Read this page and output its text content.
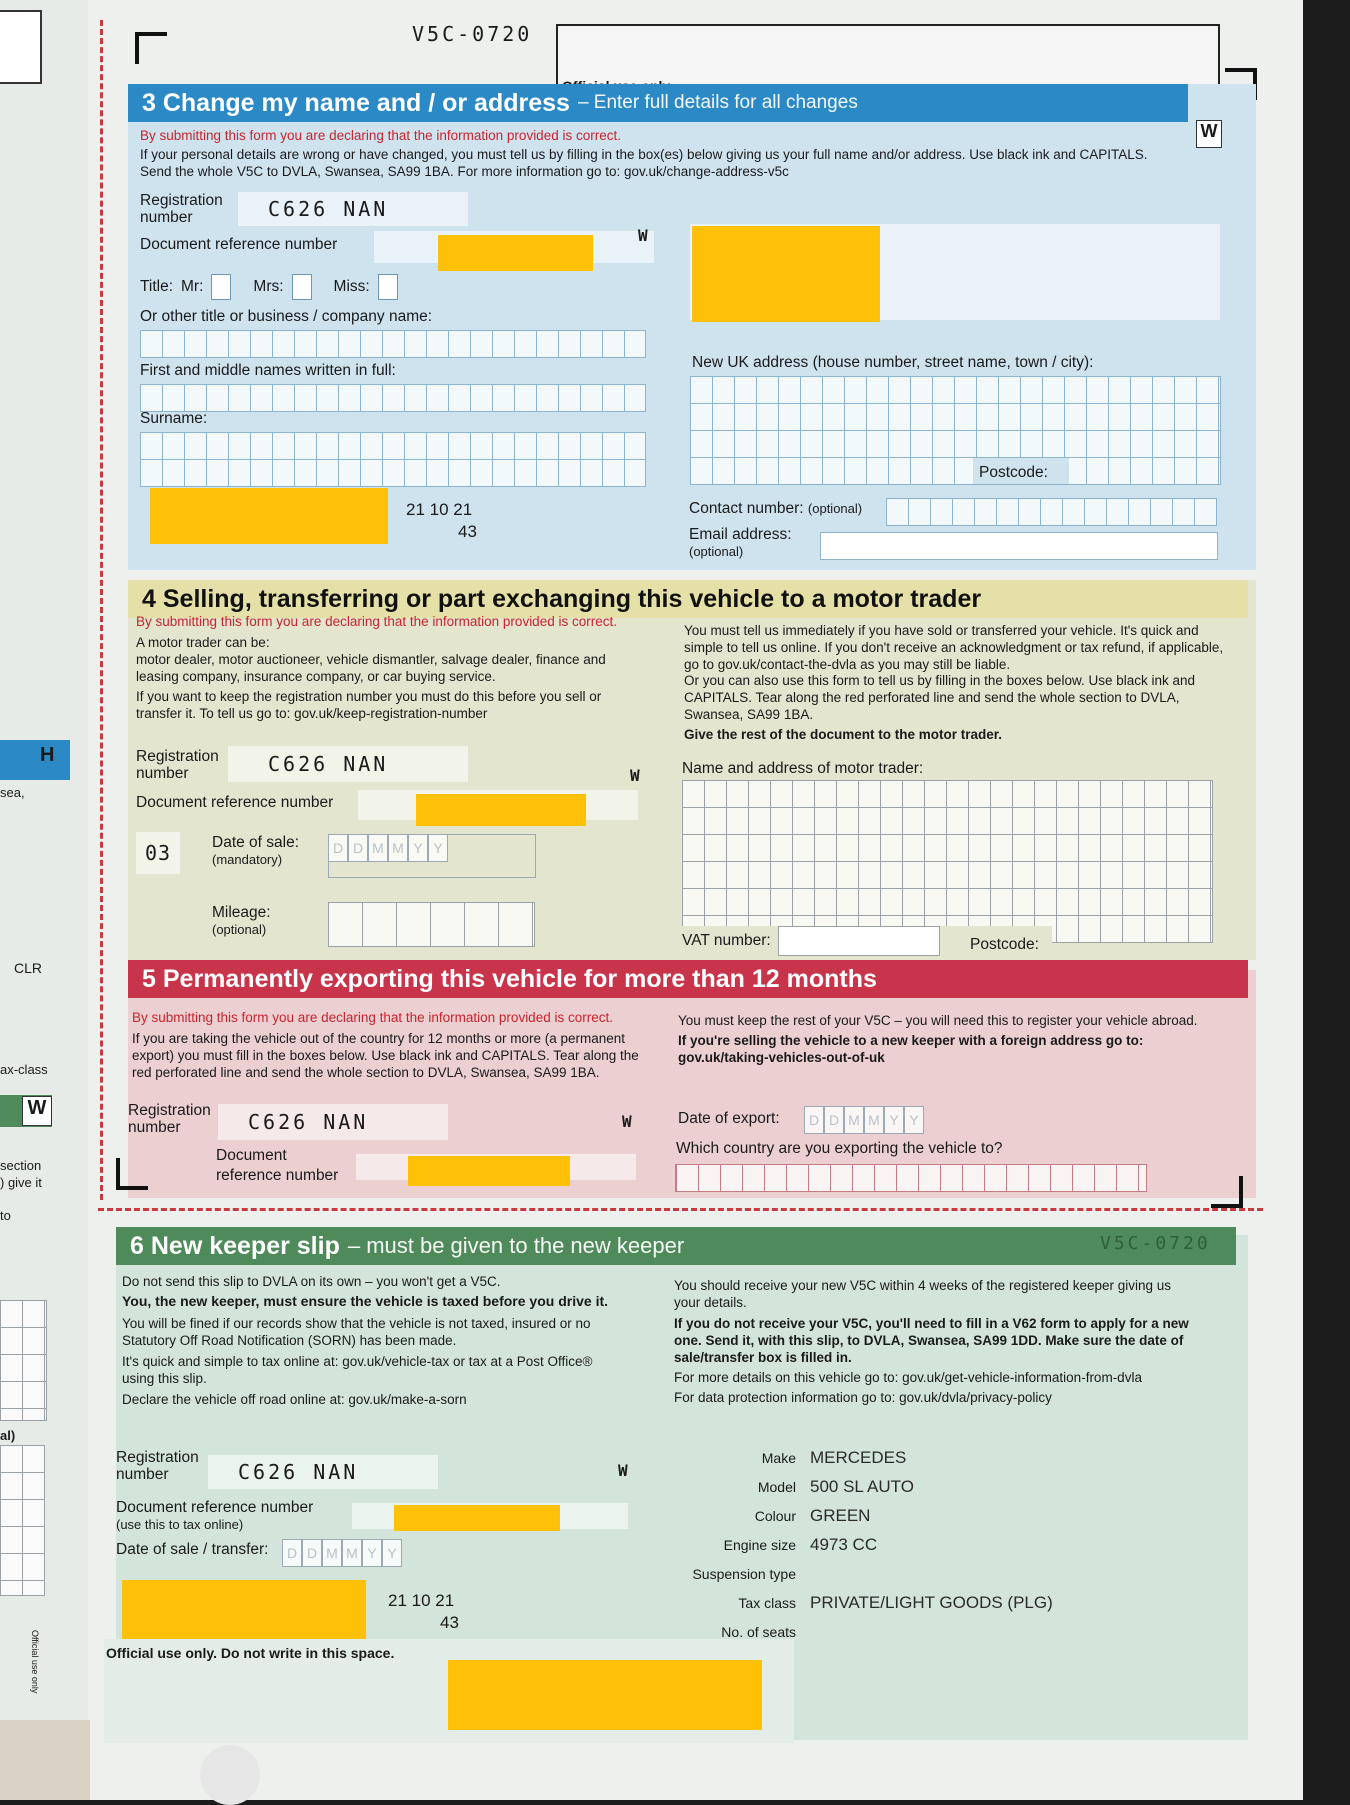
H
sea,
CLR
ax-class
W
section
) give it
to
al)
Official use only
V5C-0720
3
Change my name and / or address – Enter full details for all changes
W
By submitting this form you are declaring that the information provided is correct.
If your personal details are wrong or have changed, you must tell us by filling in the box(es) below giving us your full name and/or address. Use black ink and CAPITALS.
Send the whole V5C to DVLA, Swansea, SA99 1BA. For more information go to: gov.uk/change-address-v5c
Registration number	C626 NAN
Document reference number	W
Title: Mr:	Mrs:	Miss:
Or other title or business / company name:
First and middle names written in full:
Surname:
21 10 21
43
New UK address (house number, street name, town / city):
Postcode:
Contact number: (optional)
Email address:
(optional)
4
Selling, transferring or part exchanging this vehicle to a motor trader
By submitting this form you are declaring that the information provided is correct.
A motor trader can be:
motor dealer, motor auctioneer, vehicle dismantler, salvage dealer, finance and leasing company, insurance company, or car buying service.
If you want to keep the registration number you must do this before you sell or transfer it. To tell us go to: gov.uk/keep-registration-number
You must tell us immediately if you have sold or transferred your vehicle. It's quick and simple to tell us online. If you don't receive an acknowledgment or tax refund, if applicable, go to gov.uk/contact-the-dvla as you may still be liable.
Or you can also use this form to tell us by filling in the boxes below. Use black ink and CAPITALS. Tear along the red perforated line and send the whole section to DVLA, Swansea, SA99 1BA.
Give the rest of the document to the motor trader.
Registration number	C626 NAN	W
Document reference number
03	Date of sale:
(mandatory)
D D M M Y Y
Mileage:
(optional)
Name and address of motor trader:
VAT number:	Postcode:
5
Permanently exporting this vehicle for more than 12 months
By submitting this form you are declaring that the information provided is correct.
If you are taking the vehicle out of the country for 12 months or more (a permanent export) you must fill in the boxes below. Use black ink and CAPITALS. Tear along the red perforated line and send the whole section to DVLA, Swansea, SA99 1BA.
You must keep the rest of your V5C – you will need this to register your vehicle abroad.
If you're selling the vehicle to a new keeper with a foreign address go to: gov.uk/taking-vehicles-out-of-uk
Registration number	C626 NAN	W
Document reference number
Date of export:	D D M M Y Y
Which country are you exporting the vehicle to?
6
New keeper slip – must be given to the new keeper	V5C-0720
Do not send this slip to DVLA on its own – you won't get a V5C.
You, the new keeper, must ensure the vehicle is taxed before you drive it.
You will be fined if our records show that the vehicle is not taxed, insured or no Statutory Off Road Notification (SORN) has been made.
It's quick and simple to tax online at: gov.uk/vehicle-tax or tax at a Post Office® using this slip.
Declare the vehicle off road online at: gov.uk/make-a-sorn
You should receive your new V5C within 4 weeks of the registered keeper giving us your details.
If you do not receive your V5C, you'll need to fill in a V62 form to apply for a new one. Send it, with this slip, to DVLA, Swansea, SA99 1DD. Make sure the date of sale/transfer box is filled in.
For more details on this vehicle go to: gov.uk/get-vehicle-information-from-dvla
For data protection information go to: gov.uk/dvla/privacy-policy
Registration number	C626 NAN	W
Document reference number
(use this to tax online)
Date of sale / transfer:	D D M M Y Y
21 10 21
43
Official use only. Do not write in this space.
Make MERCEDES
Model 500 SL AUTO
Colour GREEN
Engine size 4973 CC
Suspension type
Tax class PRIVATE/LIGHT GOODS (PLG)
No. of seats
